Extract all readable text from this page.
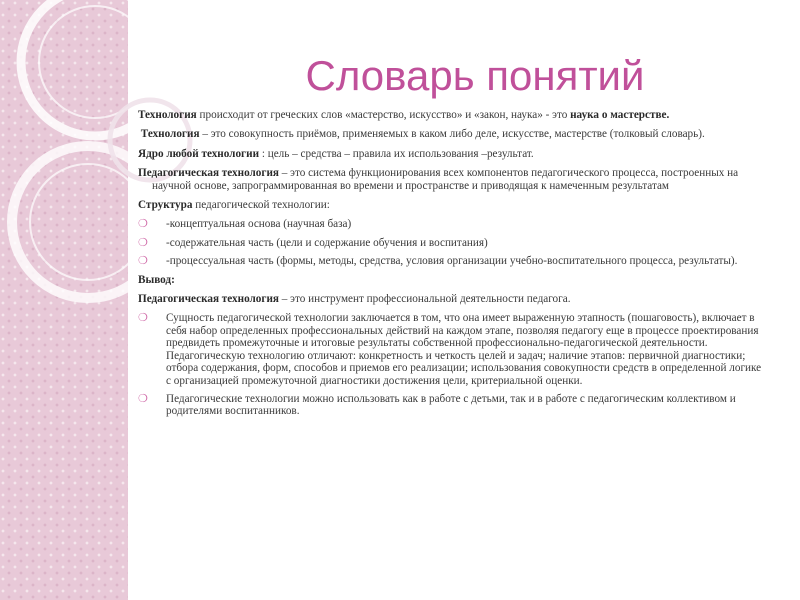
Словарь понятий

Технология происходит от греческих слов «мастерство, искусство» и «закон, наука» - это наука о мастерстве.

Технология – это совокупность приёмов, применяемых в каком либо деле, искусстве, мастерстве (толковый словарь).

Ядро любой технологии : цель – средства – правила их использования –результат.

Педагогическая технология – это система функционирования всех компонентов педагогического процесса, построенных на научной основе, запрограммированная во времени и пространстве и приводящая к намеченным результатам

Структура педагогической технологии:

❍ -концептуальная основа (научная база)
❍ -содержательная часть (цели и содержание обучения и воспитания)
❍ -процессуальная часть (формы, методы, средства, условия организации учебно-воспитательного процесса, результаты).

Вывод:

Педагогическая технология – это инструмент профессиональной деятельности педагога.

❍ Сущность педагогической технологии заключается в том, что она имеет выраженную этапность (пошаговость), включает в себя набор определенных профессиональных действий на каждом этапе, позволяя педагогу еще в процессе проектирования предвидеть промежуточные и итоговые результаты собственной профессионально-педагогической деятельности. Педагогическую технологию отличают: конкретность и четкость целей и задач; наличие этапов: первичной диагностики; отбора содержания, форм, способов и приемов его реализации; использования совокупности средств в определенной логике с организацией промежуточной диагностики достижения цели, критериальной оценки.
❍ Педагогические технологии можно использовать как в работе с детьми, так и в работе с педагогическим коллективом и родителями воспитанников.
